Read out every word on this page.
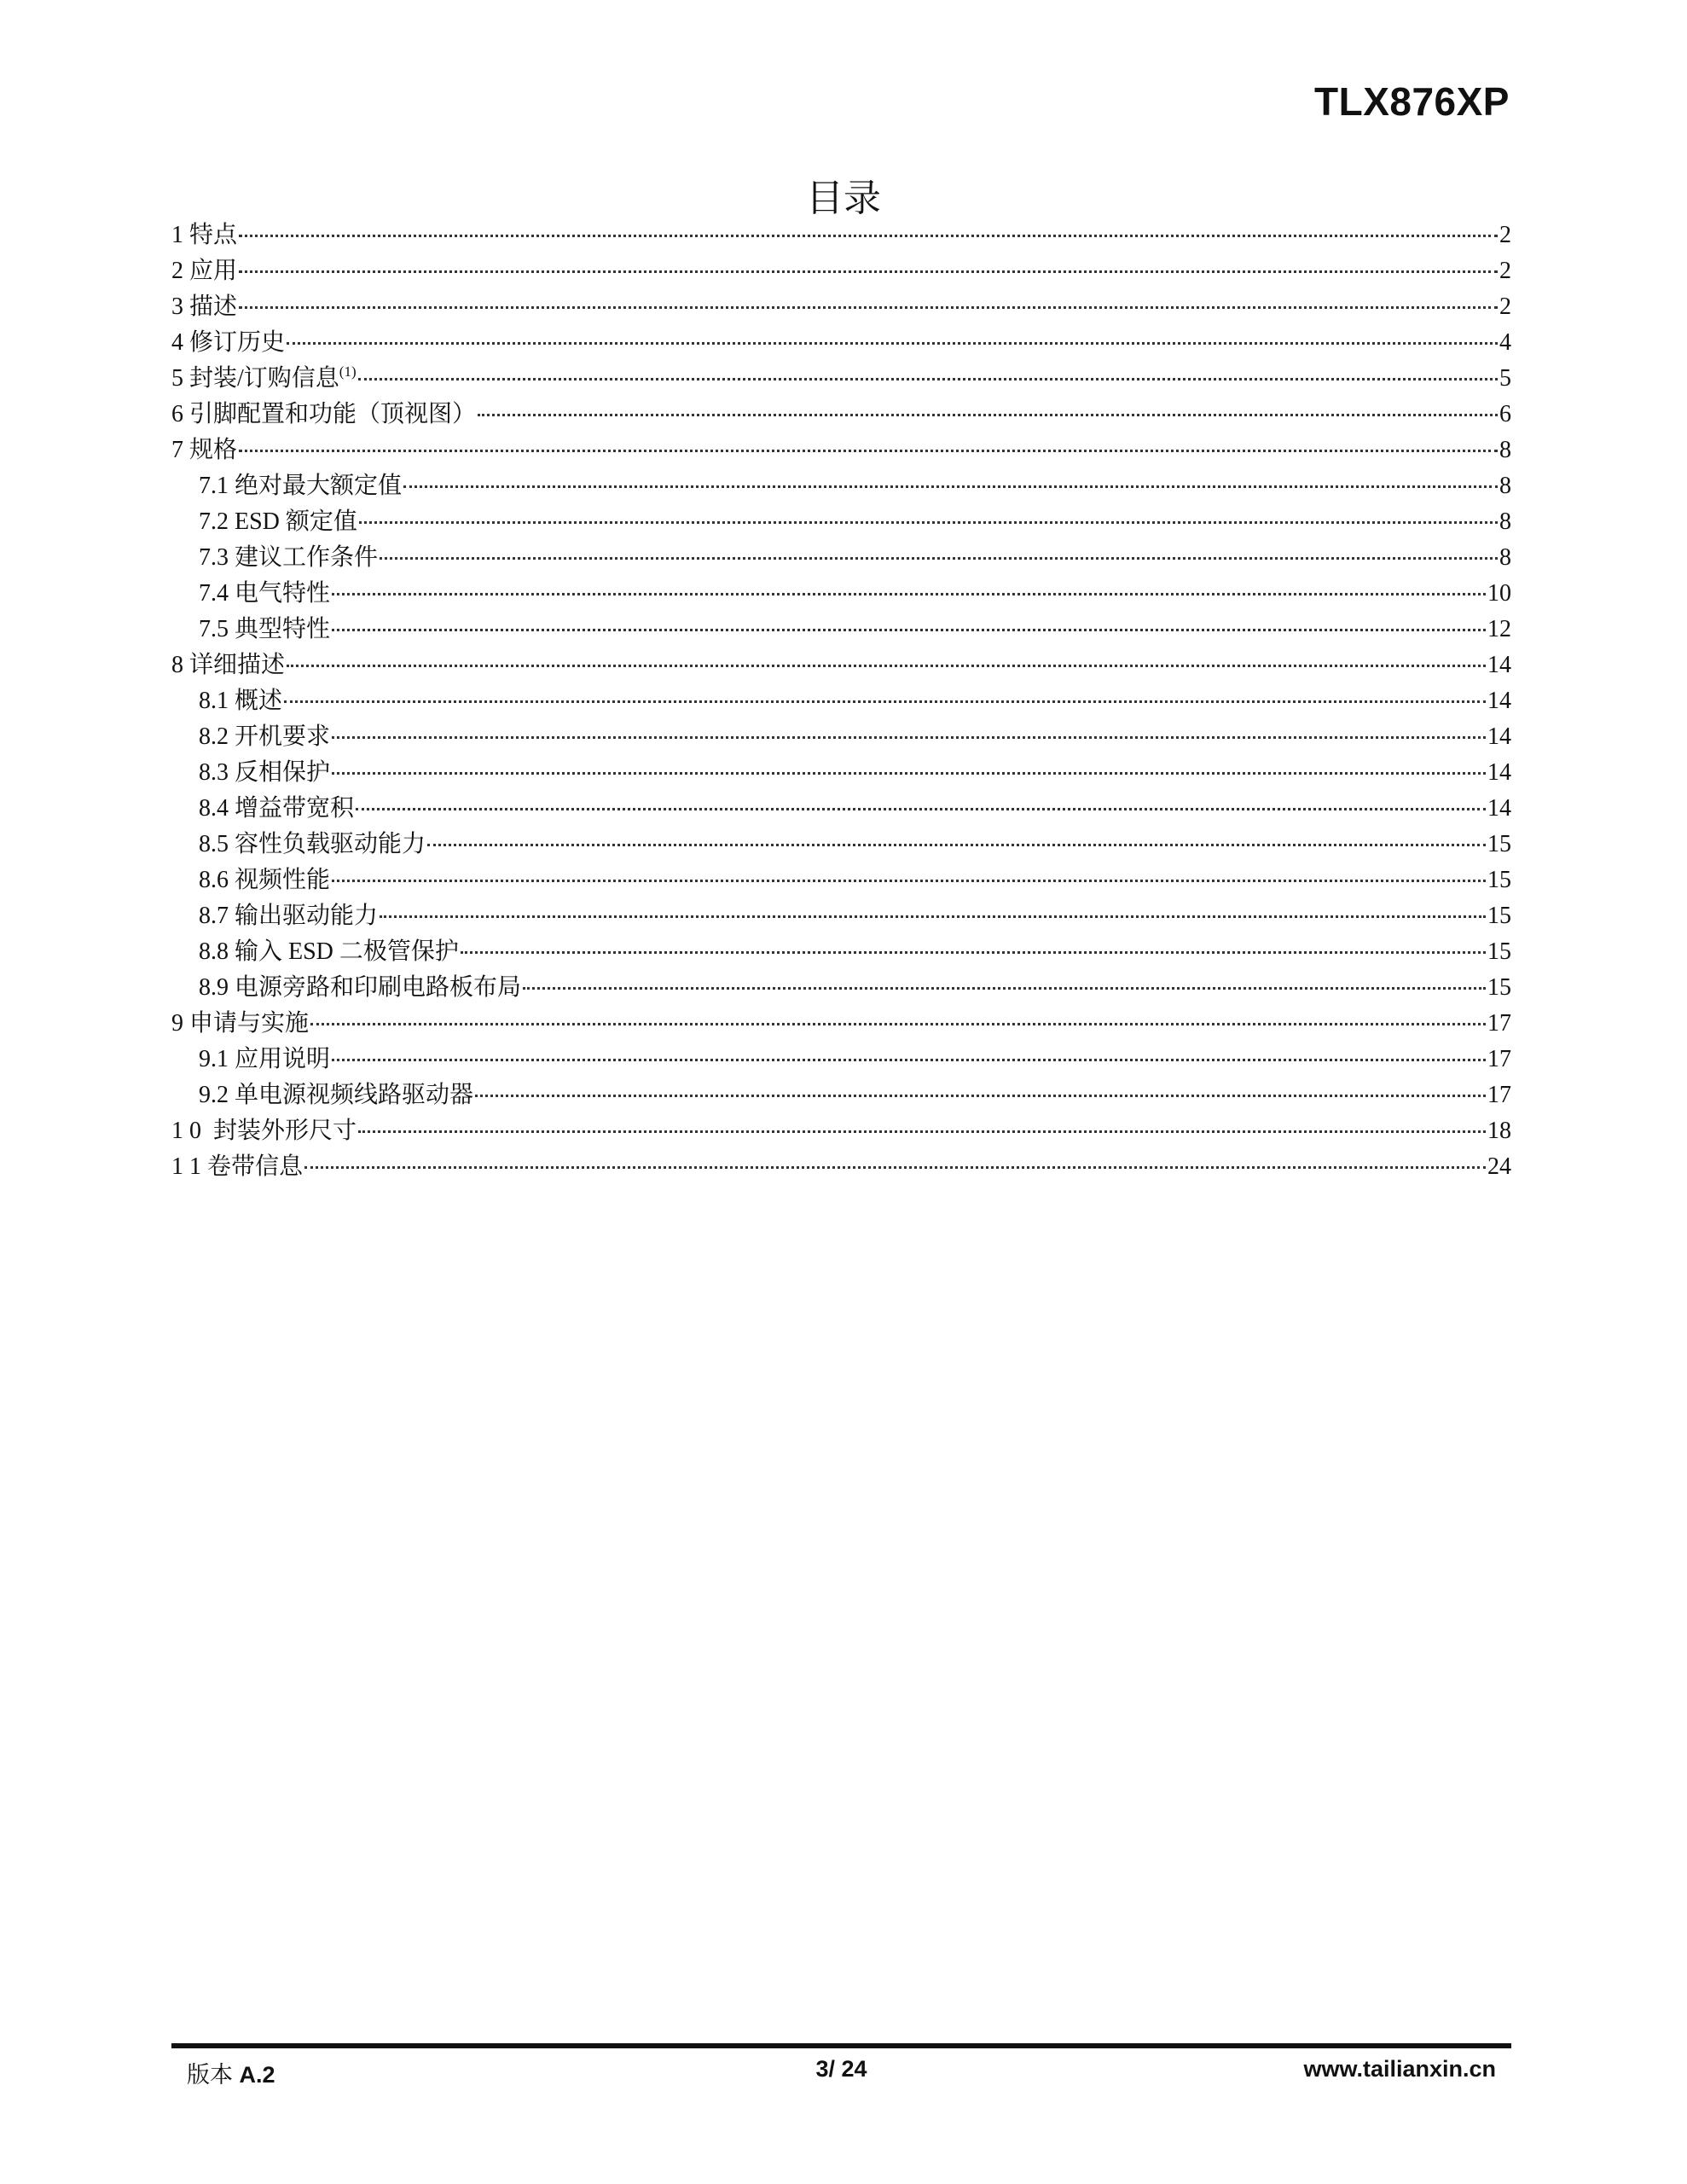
TLX876XP
目录
1 特点	2
2 应用	2
3 描述	2
4 修订历史	4
5 封装/订购信息$^{(1)}$	5
6 引脚配置和功能（顶视图）	6
7 规格	8
7.1 绝对最大额定值	8
7.2 ESD 额定值	8
7.3 建议工作条件	8
7.4 电气特性	10
7.5 典型特性	12
8 详细描述	14
8.1 概述	14
8.2 开机要求	14
8.3 反相保护	14
8.4 增益带宽积	14
8.5 容性负载驱动能力	15
8.6 视频性能	15
8.7 输出驱动能力	15
8.8 输入 ESD 二极管保护	15
8.9 电源旁路和印刷电路板布局	15
9 申请与实施	17
9.1 应用说明	17
9.2 单电源视频线路驱动器	17
1 0 封装外形尺寸	18
1 1 卷带信息	24
版本 A.2	3/ 24	www.tailianxin.cn
